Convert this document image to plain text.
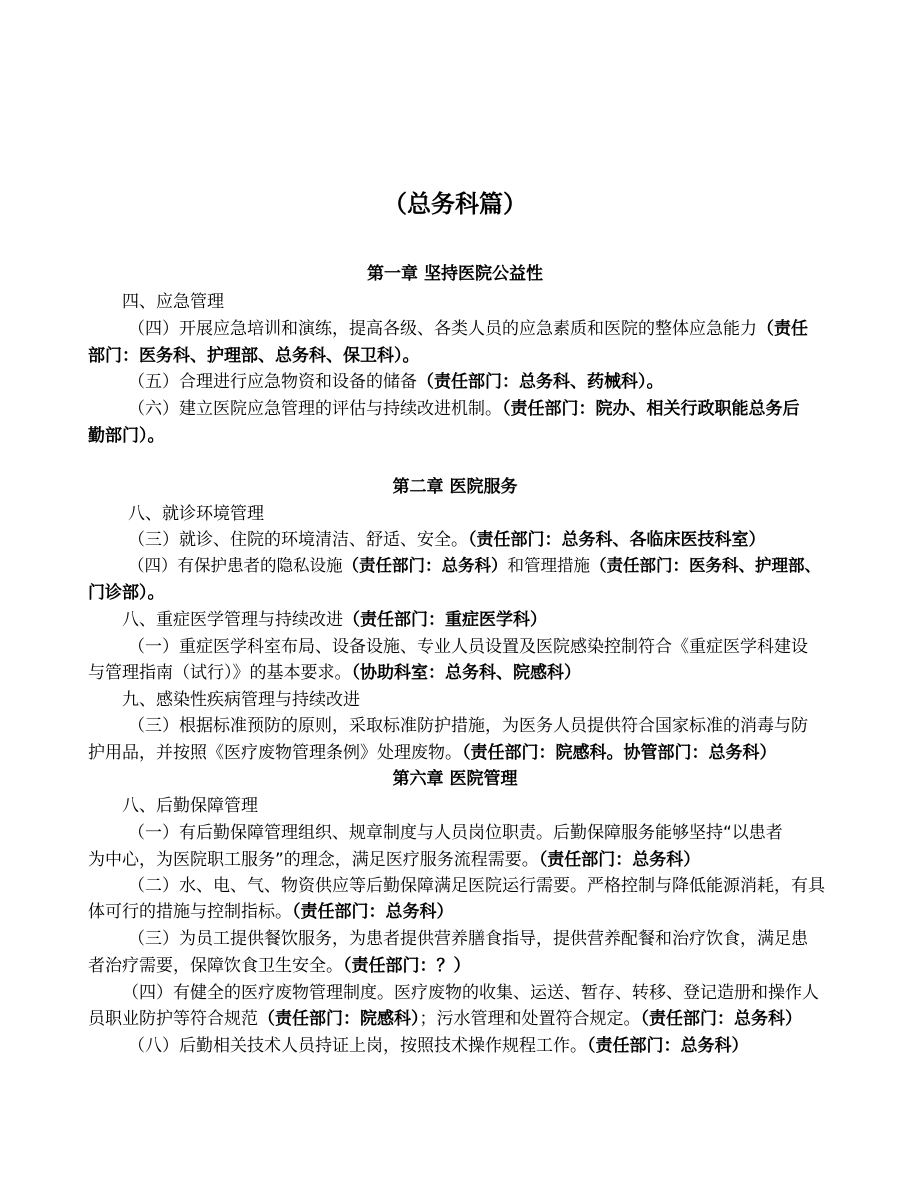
（总务科篇）
第一章 坚持医院公益性
四、应急管理
（四）开展应急培训和演练，提高各级、各类人员的应急素质和医院的整体应急能力（责任
部门：医务科、护理部、总务科、保卫科）。
（五）合理进行应急物资和设备的储备（责任部门：总务科、药械科）。
（六）建立医院应急管理的评估与持续改进机制。（责任部门：院办、相关行政职能总务后
勤部门）。
第二章 医院服务
八、就诊环境管理
（三）就诊、住院的环境清洁、舒适、安全。（责任部门：总务科、各临床医技科室）
（四）有保护患者的隐私设施（责任部门：总务科）和管理措施（责任部门：医务科、护理部、
门诊部）。
八、重症医学管理与持续改进（责任部门：重症医学科）
（一）重症医学科室布局、设备设施、专业人员设置及医院感染控制符合《重症医学科建设
与管理指南（试行）》的基本要求。（协助科室：总务科、院感科）
九、感染性疾病管理与持续改进
（三）根据标准预防的原则，采取标准防护措施，为医务人员提供符合国家标准的消毒与防
护用品，并按照《医疗废物管理条例》处理废物。（责任部门：院感科。协管部门：总务科）
第六章 医院管理
八、后勤保障管理
（一）有后勤保障管理组织、规章制度与人员岗位职责。后勤保障服务能够坚持“以患者
为中心，为医院职工服务”的理念，满足医疗服务流程需要。（责任部门：总务科）
（二）水、电、气、物资供应等后勤保障满足医院运行需要。严格控制与降低能源消耗，有具
体可行的措施与控制指标。（责任部门：总务科）
（三）为员工提供餐饮服务，为患者提供营养膳食指导，提供营养配餐和治疗饮食，满足患
者治疗需要，保障饮食卫生安全。（责任部门：？）
（四）有健全的医疗废物管理制度。医疗废物的收集、运送、暂存、转移、登记造册和操作人
员职业防护等符合规范（责任部门：院感科）；污水管理和处置符合规定。（责任部门：总务科）
（八）后勤相关技术人员持证上岗，按照技术操作规程工作。（责任部门：总务科）
